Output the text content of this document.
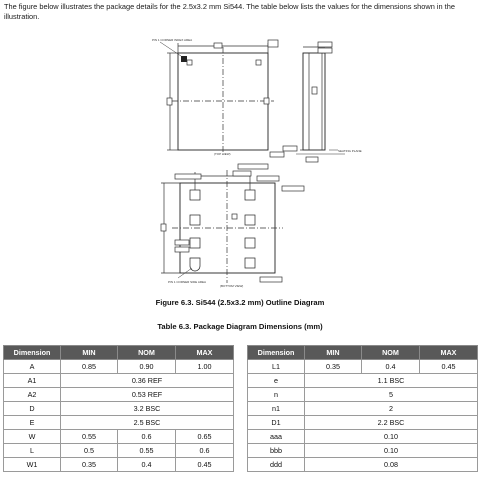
The figure below illustrates the package details for the 2.5x3.2 mm Si544. The table below lists the values for the dimensions shown in the illustration.
PIN 1 CORNER INDEX AREA
(TOP VIEW)
SEATING PLANE
PIN 1 CORNER SIDE AREA
(BOTTOM VIEW)
Figure 6.3. Si544 (2.5x3.2 mm) Outline Diagram
Table 6.3. Package Diagram Dimensions (mm)
Dimension	MIN	NOM	MAX		Dimension	MIN	NOM	MAX
A	0.85	0.90	1.00		L1	0.35	0.4	0.45
A1	0.36 REF				e	1.1 BSC		
A2	0.53 REF				n	5		
D	3.2 BSC				n1	2		
E	2.5 BSC				D1	2.2 BSC		
W	0.55	0.6	0.65		aaa	0.10		
L	0.5	0.55	0.6		bbb	0.10		
W1	0.35	0.4	0.45		ddd	0.08		
